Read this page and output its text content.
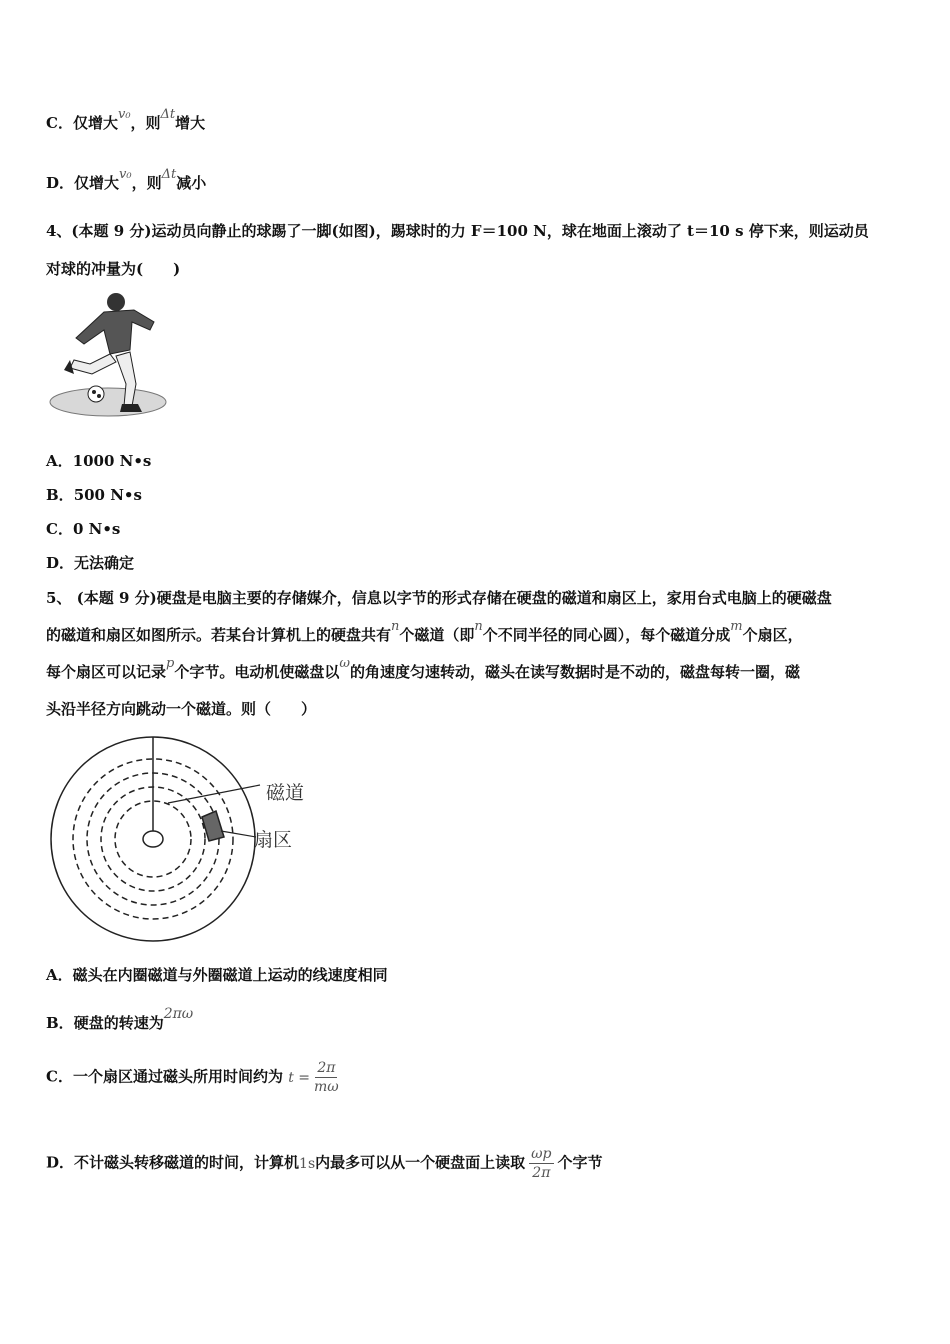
C．仅增大v₀，则Δt增大
D．仅增大v₀，则Δt减小
4、(本题 9 分)运动员向静止的球踢了一脚(如图)，踢球时的力 F＝100 N，球在地面上滚动了 t＝10 s 停下来，则运动员
对球的冲量为(　　)
A．1000 N•s
B．500 N•s
C．0 N•s
D．无法确定
5、 (本题 9 分)硬盘是电脑主要的存储媒介，信息以字节的形式存储在硬盘的磁道和扇区上，家用台式电脑上的硬磁盘
的磁道和扇区如图所示。若某台计算机上的硬盘共有n个磁道（即n个不同半径的同心圆），每个磁道分成m个扇区，
每个扇区可以记录p个字节。电动机使磁盘以ω的角速度匀速转动，磁头在读写数据时是不动的，磁盘每转一圈，磁
头沿半径方向跳动一个磁道。则（　　）
磁道
扇区
A．磁头在内圈磁道与外圈磁道上运动的线速度相同
B．硬盘的转速为2πω
C．一个扇区通过磁头所用时间约为 $t = \frac{2\pi}{m\omega}$
D．不计磁头转移磁道的时间，计算机1s内最多可以从一个硬盘面上读取 $\frac{\omega p}{2\pi}$ 个字节
